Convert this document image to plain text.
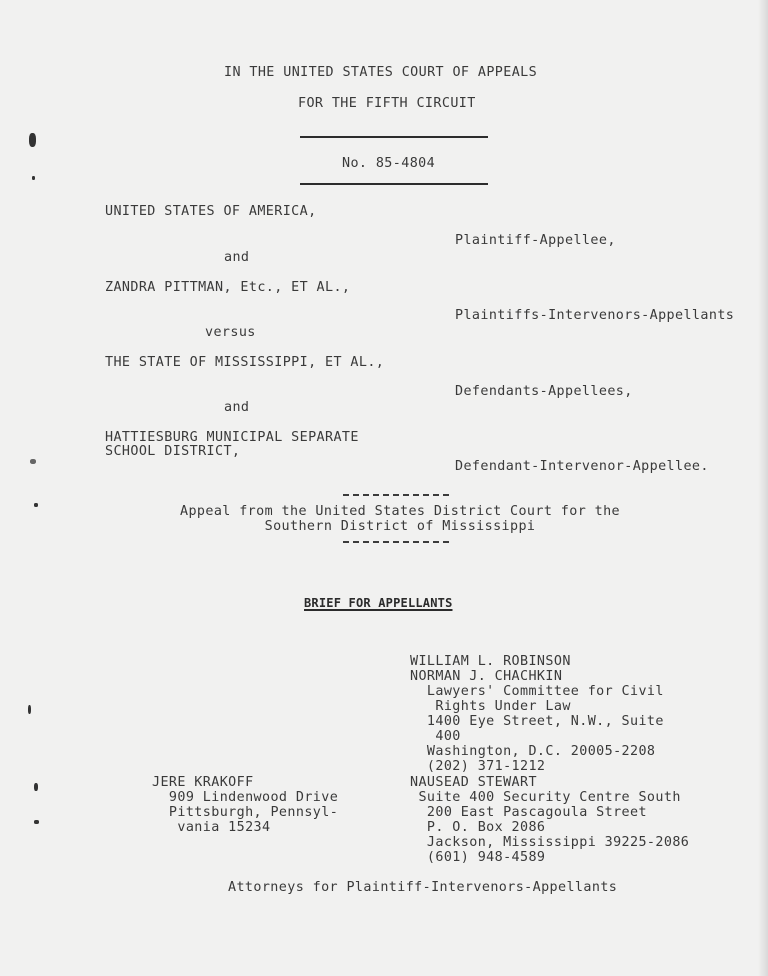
IN THE UNITED STATES COURT OF APPEALS
FOR THE FIFTH CIRCUIT
No. 85-4804
UNITED STATES OF AMERICA,
Plaintiff-Appellee,
and
ZANDRA PITTMAN, Etc., ET AL.,
Plaintiffs-Intervenors-Appellants
versus
THE STATE OF MISSISSIPPI, ET AL.,
Defendants-Appellees,
and
HATTIESBURG MUNICIPAL SEPARATE
SCHOOL DISTRICT,
Defendant-Intervenor-Appellee.
Appeal from the United States District Court for the
Southern District of Mississippi
BRIEF FOR APPELLANTS
WILLIAM L. ROBINSON
NORMAN J. CHACHKIN
Lawyers' Committee for Civil
Rights Under Law
1400 Eye Street, N.W., Suite
400
Washington, D.C. 20005-2208
(202) 371-1212
NAUSEAD STEWART
Suite 400 Security Centre South
200 East Pascagoula Street
P. O. Box 2086
Jackson, Mississippi 39225-2086
(601) 948-4589
JERE KRAKOFF
909 Lindenwood Drive
Pittsburgh, Pennsyl-
vania 15234
Attorneys for Plaintiff-Intervenors-Appellants
